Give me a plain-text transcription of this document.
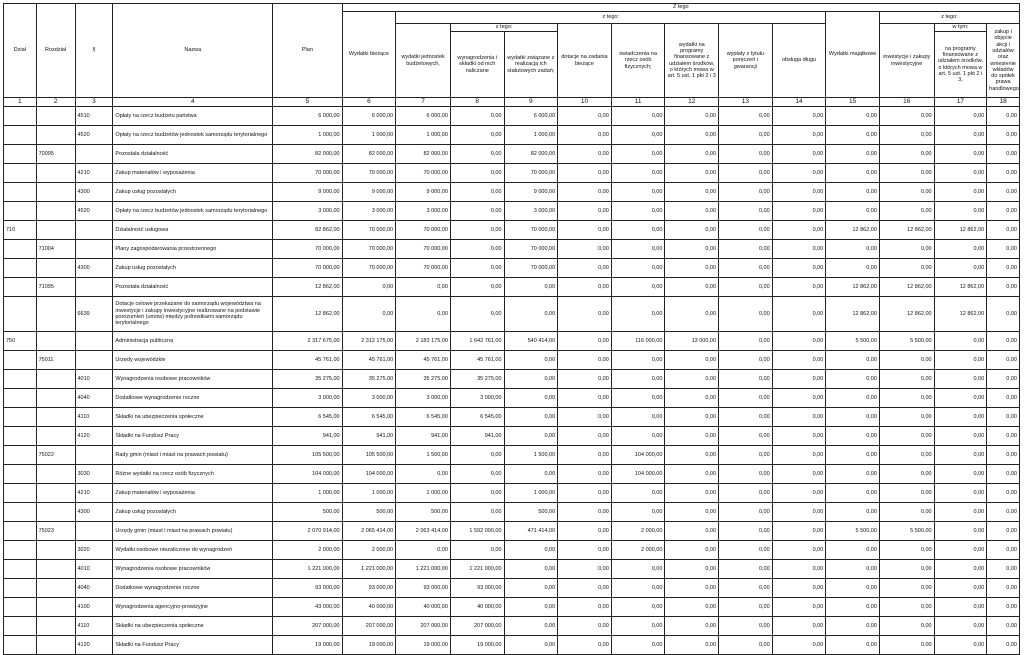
Dział	Rozdział	§	Nazwa	Plan	Z tego												
					Wydatki bieżące	z tego:								Wydatki majątkowe	z tego:		
						wydatki jednostek budżetowych,	z tego:		dotacje na zadania bieżące	świadczenia na rzecz osób fizycznych;	wydatki na programy finansowane z udziałem środków, o których mowa w art. 5 ust. 1 pkt 2 i 3	wypłaty z tytułu poręczeń i gwarancji	obsługa długu		inwestycje i zakupy inwestycyjne	w tym:	zakup i objęcie akcji i udziałów oraz wniesienie wkładów do spółek prawa handlowego.
							wynagrodzenia i składki od nich naliczane	wydatki związane z realizacją ich statutowych zadań;								na programy finansowane z udziałem środków, o których mowa w art. 5 ust. 1 pkt 2 i 3,	
1	2	3	4	5	6	7	8	9	10	11	12	13	14	15	16	17	18
		4510	Opłaty na rzecz budżetu państwa	6 000,00	6 000,00	6 000,00	0,00	6 000,00	0,00	0,00	0,00	0,00	0,00	0,00	0,00	0,00	0,00
		4520	Opłaty na rzecz budżetów jednostek samorządu terytorialnego	1 000,00	1 000,00	1 000,00	0,00	1 000,00	0,00	0,00	0,00	0,00	0,00	0,00	0,00	0,00	0,00
	70095		Pozostała działalność	82 000,00	82 000,00	82 000,00	0,00	82 000,00	0,00	0,00	0,00	0,00	0,00	0,00	0,00	0,00	0,00
		4210	Zakup materiałów i wyposażenia	70 000,00	70 000,00	70 000,00	0,00	70 000,00	0,00	0,00	0,00	0,00	0,00	0,00	0,00	0,00	0,00
		4300	Zakup usług pozostałych	9 000,00	9 000,00	9 000,00	0,00	9 000,00	0,00	0,00	0,00	0,00	0,00	0,00	0,00	0,00	0,00
		4520	Opłaty na rzecz budżetów jednostek samorządu terytorialnego	3 000,00	3 000,00	3 000,00	0,00	3 000,00	0,00	0,00	0,00	0,00	0,00	0,00	0,00	0,00	0,00
710			Działalność usługowa	82 862,00	70 000,00	70 000,00	0,00	70 000,00	0,00	0,00	0,00	0,00	0,00	12 862,00	12 862,00	12 862,00	0,00
	71004		Plany zagospodarowania przestrzennego	70 000,00	70 000,00	70 000,00	0,00	70 000,00	0,00	0,00	0,00	0,00	0,00	0,00	0,00	0,00	0,00
		4300	Zakup usług pozostałych	70 000,00	70 000,00	70 000,00	0,00	70 000,00	0,00	0,00	0,00	0,00	0,00	0,00	0,00	0,00	0,00
	71095		Pozostała działalność	12 862,00	0,00	0,00	0,00	0,00	0,00	0,00	0,00	0,00	0,00	12 862,00	12 862,00	12 862,00	0,00
		6639	Dotacje celowe przekazane do samorządu województwa na inwestycje i zakupy inwestycyjne realizowane na podstawie porozumień (umów) między jednostkami samorządu terytorialnego	12 862,00	0,00	0,00	0,00	0,00	0,00	0,00	0,00	0,00	0,00	12 862,00	12 862,00	12 862,00	0,00
750			Administracja publiczna	2 317 675,00	2 312 175,00	2 183 175,00	1 642 761,00	540 414,00	0,00	116 000,00	13 000,00	0,00	0,00	5 500,00	5 500,00	0,00	0,00
	75011		Urzędy wojewódzkie	45 761,00	45 761,00	45 761,00	45 761,00	0,00	0,00	0,00	0,00	0,00	0,00	0,00	0,00	0,00	0,00
		4010	Wynagrodzenia osobowe pracowników	35 275,00	35 275,00	35 275,00	35 275,00	0,00	0,00	0,00	0,00	0,00	0,00	0,00	0,00	0,00	0,00
		4040	Dodatkowe wynagrodzenie roczne	3 000,00	3 000,00	3 000,00	3 000,00	0,00	0,00	0,00	0,00	0,00	0,00	0,00	0,00	0,00	0,00
		4110	Składki na ubezpieczenia społeczne	6 545,00	6 545,00	6 545,00	6 545,00	0,00	0,00	0,00	0,00	0,00	0,00	0,00	0,00	0,00	0,00
		4120	Składki na Fundusz Pracy	941,00	941,00	941,00	941,00	0,00	0,00	0,00	0,00	0,00	0,00	0,00	0,00	0,00	0,00
	75022		Rady gmin (miast i miast na prawach powiatu)	105 500,00	105 500,00	1 500,00	0,00	1 500,00	0,00	104 000,00	0,00	0,00	0,00	0,00	0,00	0,00	0,00
		3030	Różne wydatki na rzecz osób fizycznych	104 000,00	104 000,00	0,00	0,00	0,00	0,00	104 000,00	0,00	0,00	0,00	0,00	0,00	0,00	0,00
		4210	Zakup materiałów i wyposażenia	1 000,00	1 000,00	1 000,00	0,00	1 000,00	0,00	0,00	0,00	0,00	0,00	0,00	0,00	0,00	0,00
		4300	Zakup usług pozostałych	500,00	500,00	500,00	0,00	500,00	0,00	0,00	0,00	0,00	0,00	0,00	0,00	0,00	0,00
	75023		Urzędy gmin (miast i miast na prawach powiatu)	2 070 914,00	2 065 414,00	2 063 414,00	1 592 000,00	471 414,00	0,00	2 000,00	0,00	0,00	0,00	5 500,00	5 500,00	0,00	0,00
		3020	Wydatki osobowe niezaliczone do wynagrodzeń	2 000,00	2 000,00	0,00	0,00	0,00	0,00	2 000,00	0,00	0,00	0,00	0,00	0,00	0,00	0,00
		4010	Wynagrodzenia osobowe pracowników	1 221 000,00	1 221 000,00	1 221 000,00	1 221 000,00	0,00	0,00	0,00	0,00	0,00	0,00	0,00	0,00	0,00	0,00
		4040	Dodatkowe wynagrodzenie roczne	93 000,00	93 000,00	93 000,00	93 000,00	0,00	0,00	0,00	0,00	0,00	0,00	0,00	0,00	0,00	0,00
		4100	Wynagrodzenia agencyjno-prowizyjne	43 000,00	40 000,00	40 000,00	40 000,00	0,00	0,00	0,00	0,00	0,00	0,00	0,00	0,00	0,00	0,00
		4110	Składki na ubezpieczenia społeczne	207 000,00	207 000,00	207 000,00	207 000,00	0,00	0,00	0,00	0,00	0,00	0,00	0,00	0,00	0,00	0,00
		4120	Składki na Fundusz Pracy	19 000,00	19 000,00	19 000,00	19 000,00	0,00	0,00	0,00	0,00	0,00	0,00	0,00	0,00	0,00	0,00
